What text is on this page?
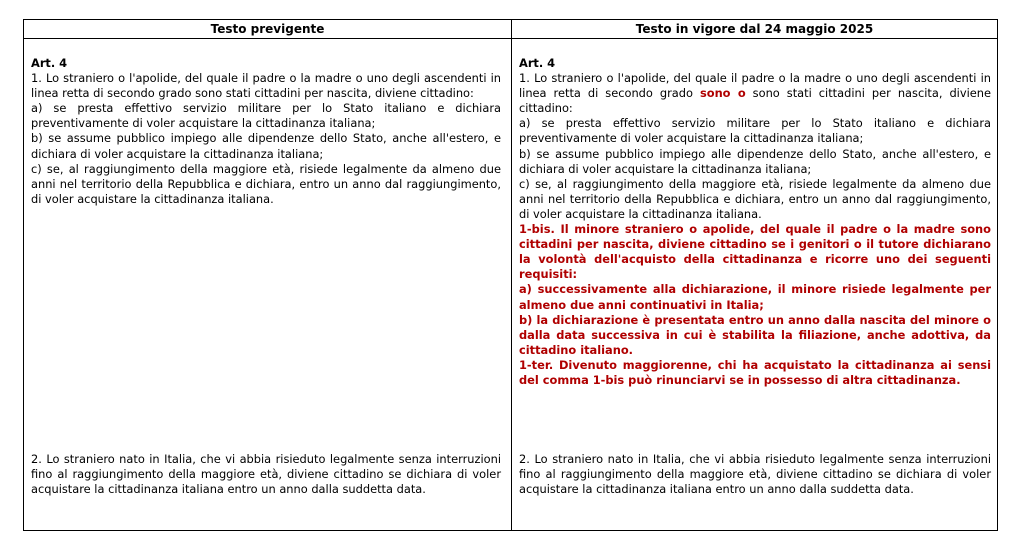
Testo previgente	Testo in vigore dal 24 maggio 2025

Art. 4

1. Lo straniero o l'apolide, del quale il padre o la madre o uno degli ascendenti in linea retta di secondo grado sono stati cittadini per nascita, diviene cittadino:

a) se presta effettivo servizio militare per lo Stato italiano e dichiara preventivamente di voler acquistare la cittadinanza italiana;

b) se assume pubblico impiego alle dipendenze dello Stato, anche all'estero, e dichiara di voler acquistare la cittadinanza italiana;

c) se, al raggiungimento della maggiore età, risiede legalmente da almeno due anni nel territorio della Repubblica e dichiara, entro un anno dal raggiungimento, di voler acquistare la cittadinanza italiana.

2. Lo straniero nato in Italia, che vi abbia risieduto legalmente senza interruzioni fino al raggiungimento della maggiore età, diviene cittadino se dichiara di voler acquistare la cittadinanza italiana entro un anno dalla suddetta data.

Art. 4

1. Lo straniero o l'apolide, del quale il padre o la madre o uno degli ascendenti in linea retta di secondo grado sono o sono stati cittadini per nascita, diviene cittadino:

a) se presta effettivo servizio militare per lo Stato italiano e dichiara preventivamente di voler acquistare la cittadinanza italiana;

b) se assume pubblico impiego alle dipendenze dello Stato, anche all'estero, e dichiara di voler acquistare la cittadinanza italiana;

c) se, al raggiungimento della maggiore età, risiede legalmente da almeno due anni nel territorio della Repubblica e dichiara, entro un anno dal raggiungimento, di voler acquistare la cittadinanza italiana.

1-bis. Il minore straniero o apolide, del quale il padre o la madre sono cittadini per nascita, diviene cittadino se i genitori o il tutore dichiarano la volontà dell'acquisto della cittadinanza e ricorre uno dei seguenti requisiti:

a) successivamente alla dichiarazione, il minore risiede legalmente per almeno due anni continuativi in Italia;

b) la dichiarazione è presentata entro un anno dalla nascita del minore o dalla data successiva in cui è stabilita la filiazione, anche adottiva, da cittadino italiano.

1-ter. Divenuto maggiorenne, chi ha acquistato la cittadinanza ai sensi del comma 1-bis può rinunciarvi se in possesso di altra cittadinanza.

2. Lo straniero nato in Italia, che vi abbia risieduto legalmente senza interruzioni fino al raggiungimento della maggiore età, diviene cittadino se dichiara di voler acquistare la cittadinanza italiana entro un anno dalla suddetta data.
